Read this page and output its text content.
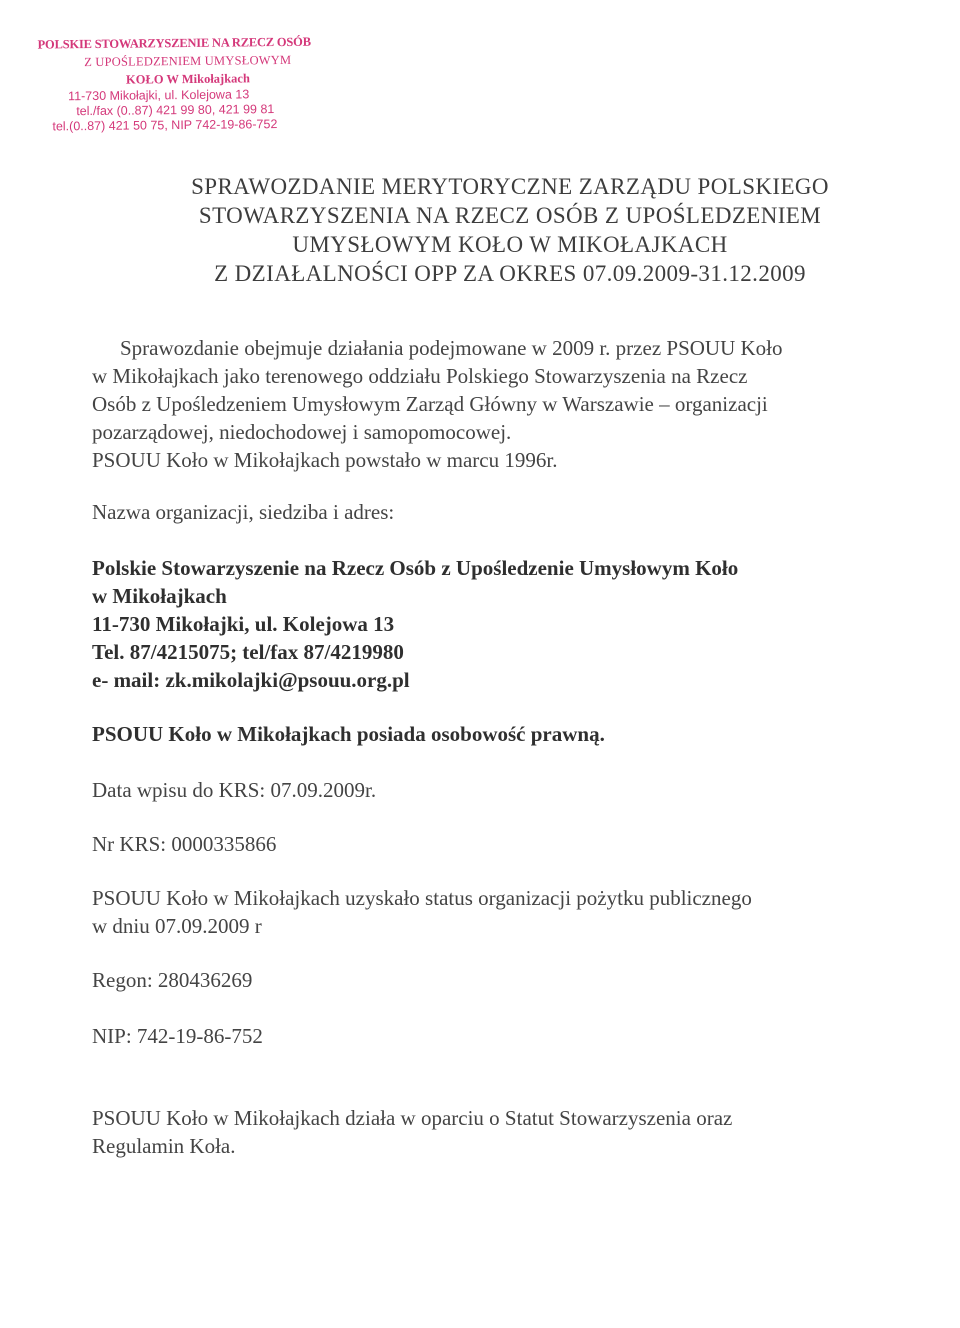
POLSKIE STOWARZYSZENIE NA RZECZ OSÓB
Z UPOŚLEDZENIEM UMYSŁOWYM
KOŁO W Mikołajkach
11-730 Mikołajki, ul. Kolejowa 13
tel./fax (0..87) 421 99 80, 421 99 81
tel.(0..87) 421 50 75, NIP 742-19-86-752
SPRAWOZDANIE MERYTORYCZNE ZARZĄDU POLSKIEGO
STOWARZYSZENIA NA RZECZ OSÓB Z UPOŚLEDZENIEM
UMYSŁOWYM KOŁO W MIKOŁAJKACH
Z DZIAŁALNOŚCI OPP ZA OKRES 07.09.2009-31.12.2009

Sprawozdanie obejmuje działania podejmowane w 2009 r. przez PSOUU Koło

w Mikołajkach jako terenowego oddziału Polskiego Stowarzyszenia na Rzecz

Osób z Upośledzeniem Umysłowym Zarząd Główny w Warszawie – organizacji

pozarządowej, niedochodowej i samopomocowej.

PSOUU Koło w Mikołajkach powstało w marcu 1996r.

Nazwa organizacji, siedziba i adres:

Polskie Stowarzyszenie na Rzecz Osób z Upośledzenie Umysłowym Koło

w Mikołajkach

11-730 Mikołajki, ul. Kolejowa 13

Tel. 87/4215075; tel/fax 87/4219980

e- mail: zk.mikolajki@psouu.org.pl

PSOUU Koło w Mikołajkach posiada osobowość prawną.

Data wpisu do KRS: 07.09.2009r.

Nr KRS: 0000335866

PSOUU Koło w Mikołajkach uzyskało status organizacji pożytku publicznego

w dniu 07.09.2009 r

Regon: 280436269

NIP: 742-19-86-752

PSOUU Koło w Mikołajkach działa w oparciu o Statut Stowarzyszenia oraz

Regulamin Koła.
